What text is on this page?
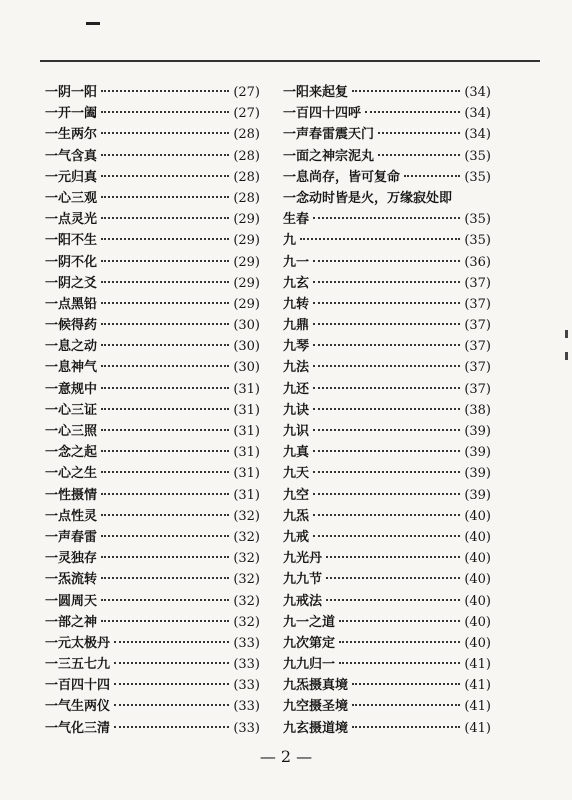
一阴一阳	(27)
一开一阖	(27)
一生两尔	(28)
一气含真	(28)
一元归真	(28)
一心三观	(28)
一点灵光	(29)
一阳不生	(29)
一阴不化	(29)
一阴之爻	(29)
一点黑铅	(29)
一候得药	(30)
一息之动	(30)
一息神气	(30)
一意规中	(31)
一心三证	(31)
一心三照	(31)
一念之起	(31)
一心之生	(31)
一性摄情	(31)
一点性灵	(32)
一声春雷	(32)
一灵独存	(32)
一炁流转	(32)
一圆周天	(32)
一部之神	(32)
一元太极丹	(33)
一三五七九	(33)
一百四十四	(33)
一气生两仪	(33)
一气化三清	(33)
一阳来起复	(34)
一百四十四呼	(34)
一声春雷震天门	(34)
一面之神宗泥丸	(35)
一息尚存，皆可复命	(35)
一念动时皆是火，万缘寂处即
生春	(35)
九	(35)
九一	(36)
九玄	(37)
九转	(37)
九鼎	(37)
九琴	(37)
九法	(37)
九还	(37)
九诀	(38)
九识	(39)
九真	(39)
九天	(39)
九空	(39)
九炁	(40)
九戒	(40)
九光丹	(40)
九九节	(40)
九戒法	(40)
九一之道	(40)
九次第定	(40)
九九归一	(41)
九炁摄真境	(41)
九空摄圣境	(41)
九玄摄道境	(41)
— 2 —
